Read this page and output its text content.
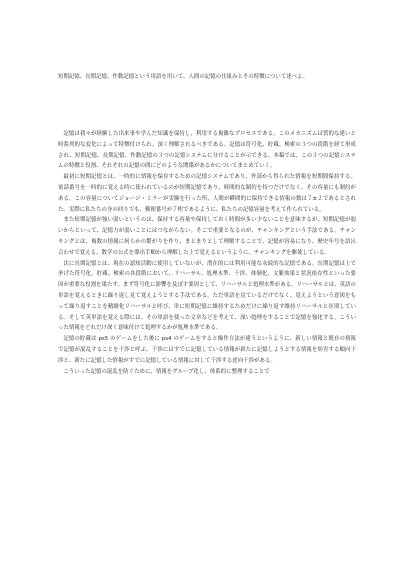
短期記憶、長期記憶、作動記憶という用語を用いて、人間の記憶の仕組みとその特徴について述べよ。

記憶は我々が経験した出来事や学んだ知識を保持し、利用する複雑なプロセスである。このメカニズムは質的な違いと時系列的な変化によって特徴付けられ、深く理解されるべきである。記憶は符号化、貯蔵、検索の３つの段階を経て形成され、短期記憶、長期記憶、作動記憶の３つの記憶システムに分けることが示できる。本稿では、この３つの記憶システムの特徴と役割、それぞれの記憶の間にどのような関係があるかについてまとめていく。

最初に短期記憶とは、一時的に情報を保存するための記憶システムであり、外部から得られた情報を短期間保持する。電話番号を一時的に覚える時に使われているのが短期記憶であり、時間的な制約を持つだけでなく、その容量にも制約がある。この容量についてジョージ・ミラーが実験を行った所、人間が瞬間的に保持できる情報の数は７±２であるとされた。実際に私たちの身の回りでも、郵便番号が７桁であるように、私たちの記憶容量を考えて作られている。

また短期記憶が強い弱いというのは、保持する容量や保持しておく時間が多い少ないことを意味するが、短期記憶が弱いからといって、記憶力が弱いことにはつながらない。そこで重要となるのが、チャンキングという手法である。チャンキングとは、複数の情報に何らかの繋がりを作り、まとまりとして理解することで、記憶が容易になり、歴史年号を語呂合わせで覚える、数学の公式を導出手順から理解した上で覚えるというように、チャンキングを駆使している。

次に長期記憶とは、現在の認知活動に使用していないが、潜在的には利用可能な永続的な記憶である。長期記憶は上で挙げた符号化、貯蔵、検索の各段階において、リハーサル、処理水準、干渉、体制化、文脈効果と状況依存性といった要因が重要な役割を果たす。まず符号化に影響を及ぼす要因として、リハーサルと処理水準がある。リハーサルとは、英語の単語を覚えるときに繰り返し見て覚えようとする手法である。ただ単語を見ているだけでなく、覚えようという意図をもって繰り返すことを精緻化リハーサルと呼び、単に短期記憶に維持するためだけに繰り返す維持リハーサルと区別している。そして英単語を覚える際には、その単語を使った文章などを考えて、深い処理をすることで記憶を強化する。こういった情報をどれだけ深く意味付けて処理するかが処理水準である。

記憶の貯蔵は ps5 のゲームをした後に ps4 のゲームをすると操作方法が違うというように、新しい情報と既存の情報で記憶が混乱することを干渉と呼ぶ。干渉にはすでに記憶している情報が新たに記憶しようとする情報を妨害する順向干渉と、新たに記憶した情報がすでに記憶している情報に対して干渉する逆向干渉がある。

こういった記憶の混乱を防ぐために、情報をグループ化し、体系的に整理することで
